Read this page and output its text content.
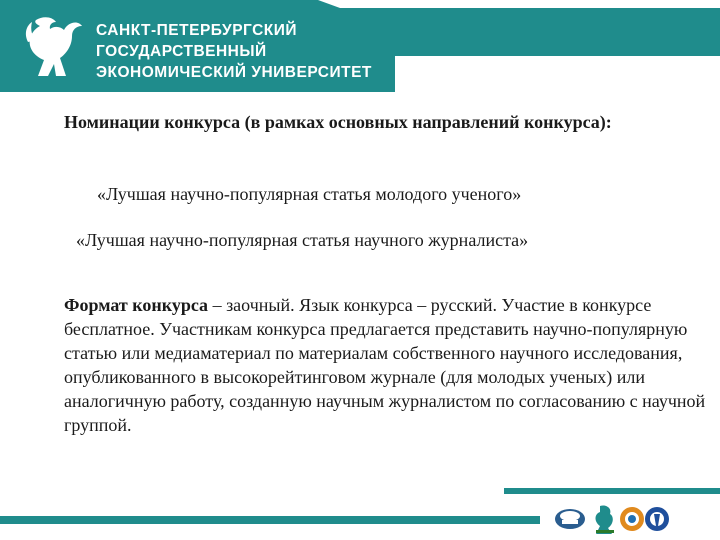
САНКТ-ПЕТЕРБУРГСКИЙ
ГОСУДАРСТВЕННЫЙ
ЭКОНОМИЧЕСКИЙ УНИВЕРСИТЕТ
Номинации конкурса (в рамках основных направлений конкурса):
«Лучшая научно-популярная статья молодого ученого»
«Лучшая научно-популярная статья научного журналиста»
Формат конкурса – заочный. Язык конкурса – русский. Участие в конкурсе бесплатное. Участникам конкурса предлагается представить научно-популярную статью или медиаматериал по материалам собственного научного исследования, опубликованного в высокорейтинговом журнале (для молодых ученых) или аналогичную работу, созданную научным журналистом по согласованию с научной группой.
